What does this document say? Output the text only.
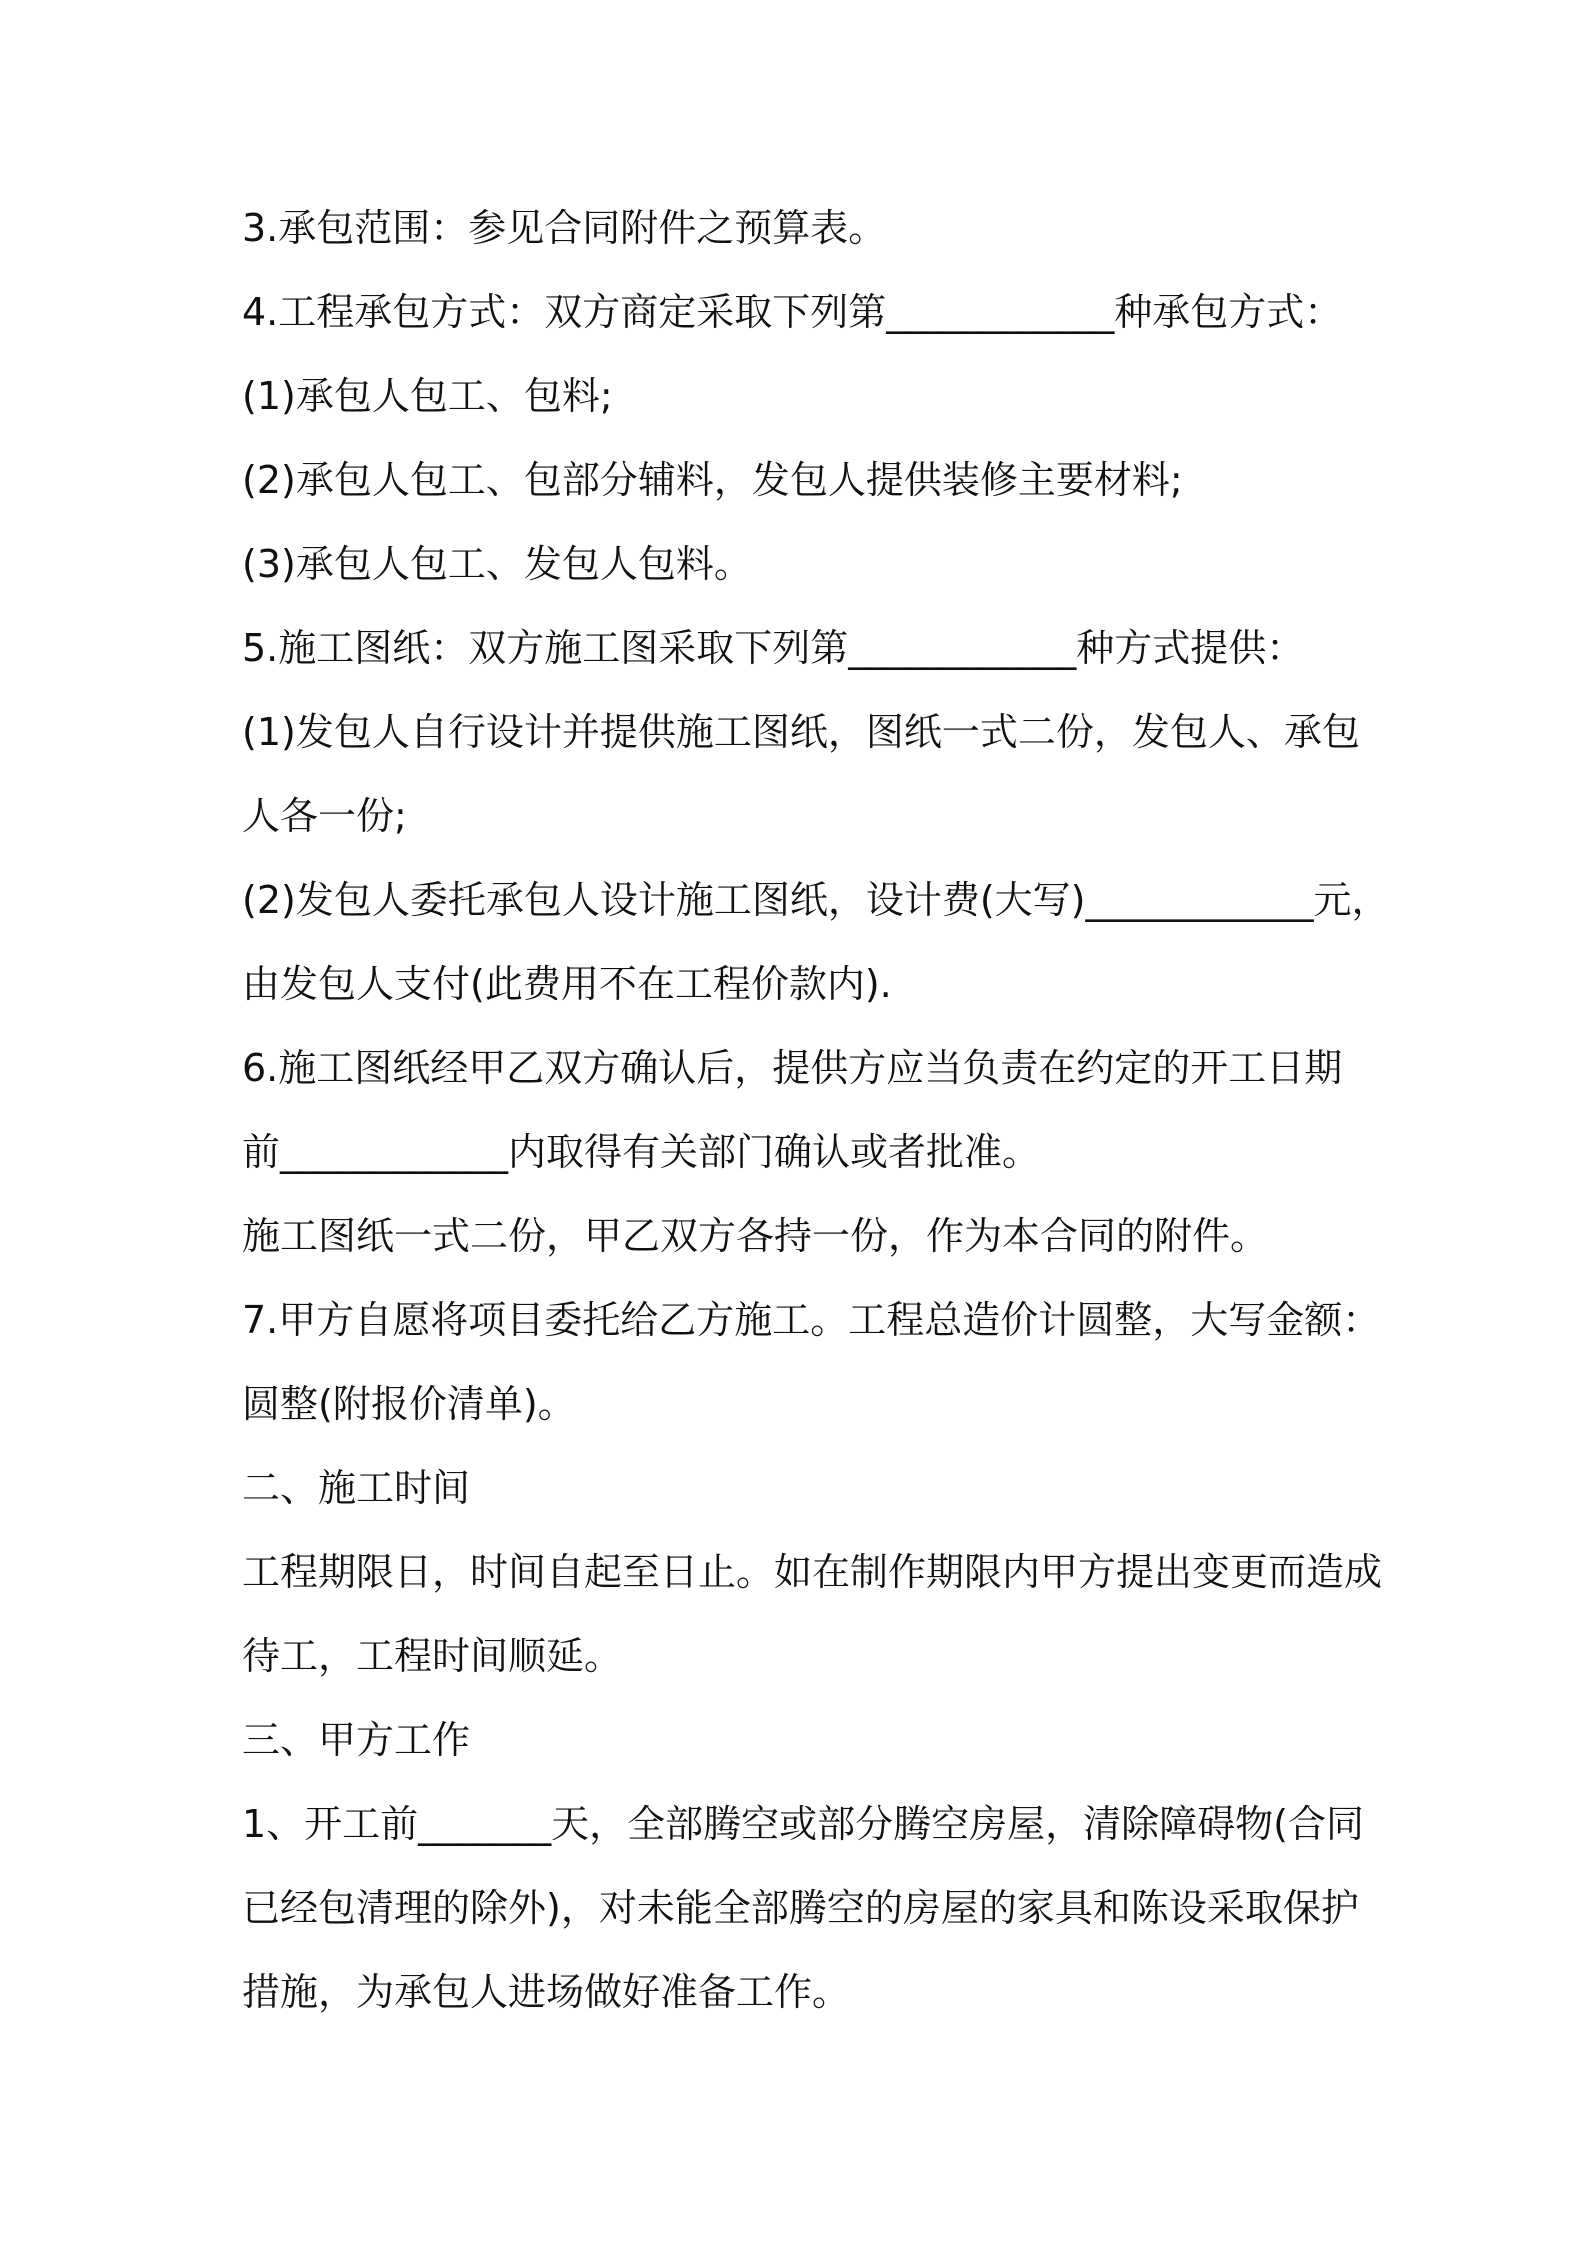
3.承包范围：参见合同附件之预算表。
4.工程承包方式：双方商定采取下列第____________种承包方式：
(1)承包人包工、包料;
(2)承包人包工、包部分辅料，发包人提供装修主要材料;
(3)承包人包工、发包人包料。
5.施工图纸：双方施工图采取下列第____________种方式提供：
(1)发包人自行设计并提供施工图纸，图纸一式二份，发包人、承包
人各一份;
(2)发包人委托承包人设计施工图纸，设计费(大写)____________元，
由发包人支付(此费用不在工程价款内).
6.施工图纸经甲乙双方确认后，提供方应当负责在约定的开工日期
前____________内取得有关部门确认或者批准。
施工图纸一式二份，甲乙双方各持一份，作为本合同的附件。
7.甲方自愿将项目委托给乙方施工。工程总造价计圆整，大写金额：
圆整(附报价清单)。
二、施工时间
工程期限日，时间自起至日止。如在制作期限内甲方提出变更而造成
待工，工程时间顺延。
三、甲方工作
1、开工前_______天，全部腾空或部分腾空房屋，清除障碍物(合同
已经包清理的除外)，对未能全部腾空的房屋的家具和陈设采取保护
措施，为承包人进场做好准备工作。
